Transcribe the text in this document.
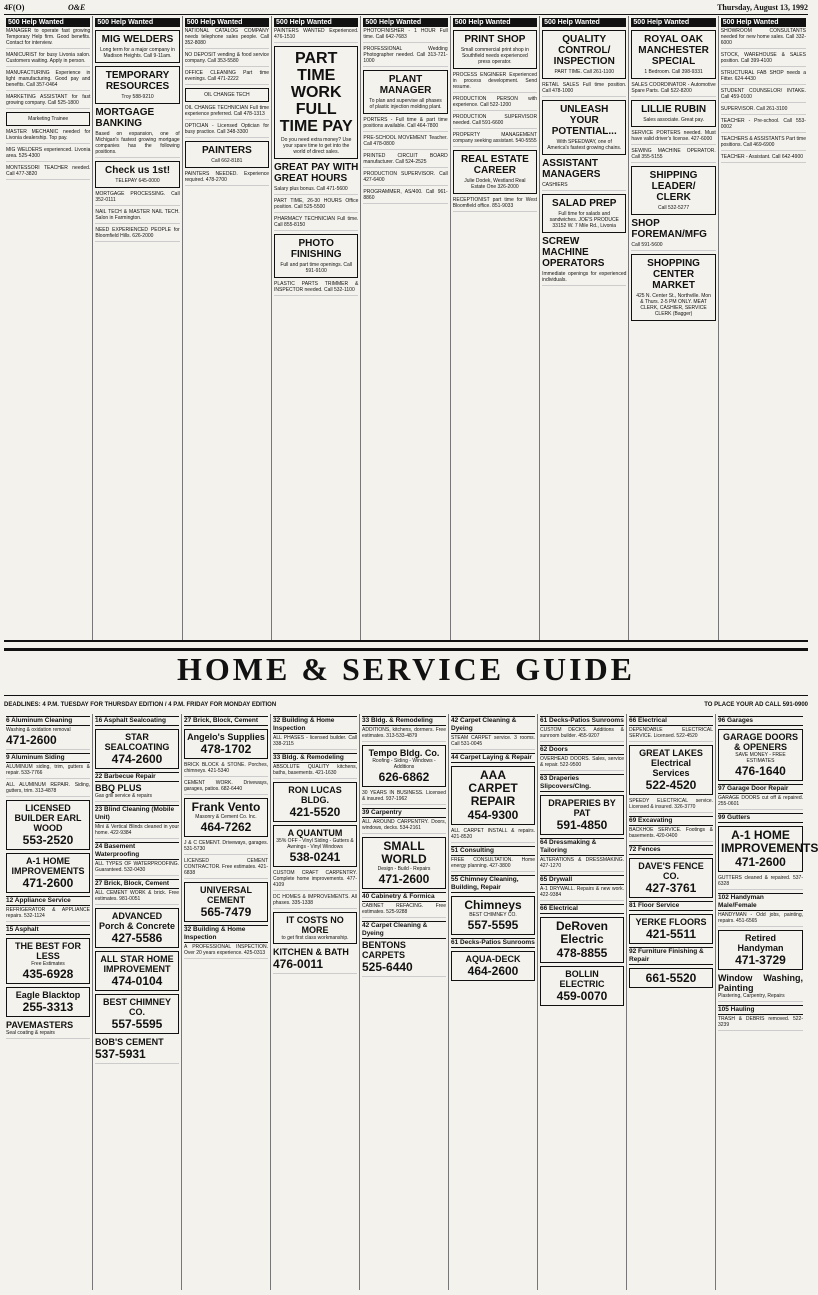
4F(O)	O&E	Thursday, August 13, 1992
500 Help Wanted
MANAGER to operate fast growing Temporary Help firm. Good benefits. Contact for interview.
MANICURIST for busy Livonia salon. Customers waiting. Apply in person.
MANUFACTURING Experience in light manufacturing. Good pay and benefits. Call 357-0464
MARKETING ASSISTANT for fast growing company. Call 525-1800
Marketing Trainee
MASTER MECHANIC needed for Livonia dealership. Top pay.
MIG WELDERS experienced. Livonia area. 525-4300
MONTESSORI TEACHER needed. Call 477-3820
500 Help Wanted
MIG WELDERS
Long term for a major company in Madison Heights. Call 9-11am.
TEMPORARY RESOURCES
Troy 588-9210
MORTGAGE BANKING
Based on expansion, one of Michigan's fastest growing mortgage companies has the following positions.
Check us 1st!
TELEPAY 645-0000
MORTGAGE PROCESSING. Call 352-0111
NAIL TECH & MASTER NAIL TECH. Salon in Farmington.
NEED EXPERIENCED PEOPLE for Bloomfield Hills. 626-2000
500 Help Wanted
NATIONAL CATALOG COMPANY needs telephone sales people. Call 352-8080
NO DEPOSIT vending & food service company. Call 353-5580
OFFICE CLEANING Part time evenings. Call 471-2222
OIL CHANGE TECH
OIL CHANGE TECHNICIAN Full time experience preferred. Call 478-1313
OPTICIAN - Licensed Optician for busy practice. Call 348-3300
PAINTERS
Call 662-8181
PAINTERS NEEDED. Experience required. 478-2700
500 Help Wanted
PAINTERS WANTED Experienced. 476-1510
PART TIME WORK FULL TIME PAY
Do you need extra money? Use your spare time to get into the world of direct sales.
GREAT PAY WITH GREAT HOURS
Salary plus bonus. Call 471-5600
PART TIME, 26-30 HOURS Office position. Call 525-5500
PHARMACY TECHNICIAN Full time. Call 855-8150
PHOTO FINISHING
Full and part time openings. Call 591-9100
PLASTIC PARTS TRIMMER & INSPECTOR needed. Call 532-1100
500 Help Wanted
PHOTOFINISHER - 1 HOUR Full time. Call 642-7683
PROFESSIONAL Wedding Photographer needed. Call 313-721-1000
PLANT MANAGER
To plan and supervise all phases of plastic injection molding plant.
PORTERS - Full time & part time positions available. Call 464-7800
PRE-SCHOOL MOVEMENT Teacher. Call 478-0800
PRINTED CIRCUIT BOARD manufacturer. Call 524-2525
PRODUCTION SUPERVISOR. Call 427-6400
PROGRAMMER, AS/400. Call 961-8860
500 Help Wanted
PRINT SHOP
Small commercial print shop in Southfield needs experienced press operator.
PROCESS ENGINEER Experienced in process development. Send resume.
PRODUCTION PERSON with experience. Call 522-1200
PRODUCTION SUPERVISOR needed. Call 591-6600
PROPERTY MANAGEMENT company seeking assistant. 540-5555
REAL ESTATE CAREER
Julie Dodek, Westland Real Estate One 326-2000
RECEPTIONIST part time for West Bloomfield office. 851-9033
500 Help Wanted
QUALITY CONTROL/ INSPECTION
PART TIME. Call 261-1100
RETAIL SALES Full time position. Call 478-1000
UNLEASH YOUR POTENTIAL...
With SPEEDWAY, one of America's fastest growing chains.
ASSISTANT MANAGERS
CASHIERS
SALAD PREP
Full time for salads and sandwiches. JOE'S PRODUCE 33152 W. 7 Mile Rd., Livonia
SCREW MACHINE OPERATORS
Immediate openings for experienced individuals.
500 Help Wanted
ROYAL OAK MANCHESTER SPECIAL
1 Bedroom. Call 398-9331
SALES COORDINATOR - Automotive Spare Parts. Call 522-8200
LILLIE RUBIN
Sales associate. Great pay.
SERVICE PORTERS needed. Must have valid driver's license. 427-6000
SEWING MACHINE OPERATOR. Call 355-5155
SHIPPING LEADER/ CLERK
Call 532-5277
SHOP FOREMAN/MFG
Call 591-5600
SHOPPING CENTER MARKET
425 N. Center St., Northville. Mon & Thurs. 2-5 PM ONLY. MEAT CLERK, CASHIER, SERVICE CLERK (Bagger)
500 Help Wanted
SHOWROOM CONSULTANTS needed for new home sales. Call 332-6000
STOCK, WAREHOUSE & SALES position. Call 399-4100
STRUCTURAL FAB SHOP needs a Fitter. 624-4430
STUDENT COUNSELOR/ INTAKE. Call 459-0100
SUPERVISOR. Call 261-3100
TEACHER - Pre-school. Call 553-0002
TEACHERS & ASSISTANTS Part time positions. Call 469-6900
TEACHER - Assistant. Call 642-4900
HOME & SERVICE GUIDE
DEADLINES: 4 P.M. TUESDAY FOR THURSDAY EDITION / 4 P.M. FRIDAY FOR MONDAY EDITION	TO PLACE YOUR AD CALL 591-0900
6 Aluminum Cleaning
Washing & oxidation removal
471-2600
9 Aluminum Siding
ALUMINUM siding, trim, gutters & repair. 533-7766
ALL ALUMINUM REPAIR. Siding, gutters, trim. 313-4878
LICENSED BUILDER EARL WOOD
553-2520
A-1 HOME IMPROVEMENTS
471-2600
12 Appliance Service
REFRIGERATOR & APPLIANCE repairs. 532-1124
15 Asphalt
THE BEST FOR LESS
Free Estimates
435-6928
Eagle Blacktop
255-3313
PAVEMASTERS
Seal coating & repairs
16 Asphalt Sealcoating
STAR SEALCOATING
474-2600
22 Barbecue Repair
BBQ PLUS
Gas grill service & repairs
23 Blind Cleaning (Mobile Unit)
Mini & Vertical Blinds cleaned in your home. 422-9384
24 Basement Waterproofing
ALL TYPES OF WATERPROOFING. Guaranteed. 532-0430
27 Brick, Block, Cement
ALL CEMENT WORK & brick. Free estimates. 981-0051
ADVANCED Porch & Concrete
427-5586
ALL STAR HOME IMPROVEMENT
474-0104
BEST CHIMNEY CO.
557-5595
BOB'S CEMENT
537-5931
27 Brick, Block, Cement
Angelo's Supplies
478-1702
BRICK BLOCK & STONE. Porches, chimneys. 421-5340
CEMENT WORK. Driveways, garages, patios. 682-6440
Frank Vento
Masonry & Cement Co. Inc.
464-7262
J & C CEMENT. Driveways, garages. 531-5730
LICENSED CEMENT CONTRACTOR. Free estimates. 421-6838
UNIVERSAL CEMENT
565-7479
32 Building & Home Inspection
A PROFESSIONAL INSPECTION. Over 20 years experience. 425-0313
32 Building & Home Inspection
ALL PHASES - licensed builder. Call 338-2115
33 Bldg. & Remodeling
ABSOLUTE QUALITY kitchens, baths, basements. 421-1630
RON LUCAS BLDG.
421-5520
A QUANTUM
35% OFF - Vinyl Siding - Gutters & Awnings - Vinyl Windows
538-0241
CUSTOM CRAFT CARPENTRY. Complete home improvements. 477-4109
DC HOMES & IMPROVEMENTS. All phases. 335-1338
IT COSTS NO MORE
to get first class workmanship.
KITCHEN & BATH
476-0011
33 Bldg. & Remodeling
ADDITIONS, kitchens, dormers. Free estimates. 313-533-4879
Tempo Bldg. Co.
Roofing - Siding - Windows - Additions
626-6862
30 YEARS IN BUSINESS. Licensed & insured. 937-1962
39 Carpentry
ALL AROUND CARPENTRY. Doors, windows, decks. 534-2161
SMALL WORLD
Design - Build - Repairs
471-2600
40 Cabinetry & Formica
CABINET REFACING. Free estimates. 525-9288
42 Carpet Cleaning & Dyeing
BENTONS CARPETS
525-6440
42 Carpet Cleaning & Dyeing
STEAM CARPET service. 3 rooms. Call 531-0045
44 Carpet Laying & Repair
AAA CARPET REPAIR
454-9300
ALL CARPET INSTALL & repairs. 421-8520
51 Consulting
FREE CONSULTATION. Home energy planning. 427-3800
55 Chimney Cleaning, Building, Repair
Chimneys
BEST CHIMNEY CO.
557-5595
61 Decks-Patios Sunrooms
AQUA-DECK
464-2600
61 Decks-Patios Sunrooms
CUSTOM DECKS. Additions & sunroom builder. 455-9207
62 Doors
OVERHEAD DOORS. Sales, service & repair. 522-9500
63 Draperies Slipcovers/Clng.
DRAPERIES BY PAT
591-4850
64 Dressmaking & Tailoring
ALTERATIONS & DRESSMAKING. 427-1270
65 Drywall
A-1 DRYWALL. Repairs & new work. 422-9384
66 Electrical
DeRoven Electric
478-8855
BOLLIN ELECTRIC
459-0070
66 Electrical
DEPENDABLE ELECTRICAL SERVICE. Licensed. 522-4520
GREAT LAKES Electrical Services
522-4520
SPEEDY ELECTRICAL service. Licensed & insured. 326-3770
69 Excavating
BACKHOE SERVICE. Footings & basements. 420-0400
72 Fences
DAVE'S FENCE CO.
427-3761
81 Floor Service
YERKE FLOORS
421-5511
92 Furniture Finishing & Repair
661-5520
96 Garages
GARAGE DOORS & OPENERS
SAVE MONEY - FREE ESTIMATES
476-1640
97 Garage Door Repair
GARAGE DOORS cut off & repaired. 255-0601
99 Gutters
A-1 HOME IMPROVEMENTS
471-2600
GUTTERS cleaned & repaired. 537-6328
102 Handyman Male/Female
HANDYMAN - Odd jobs, painting, repairs. 451-6565
Retired Handyman
471-3729
Window Washing, Painting
Plastering, Carpentry, Repairs
105 Hauling
TRASH & DEBRIS removed. 522-3239
